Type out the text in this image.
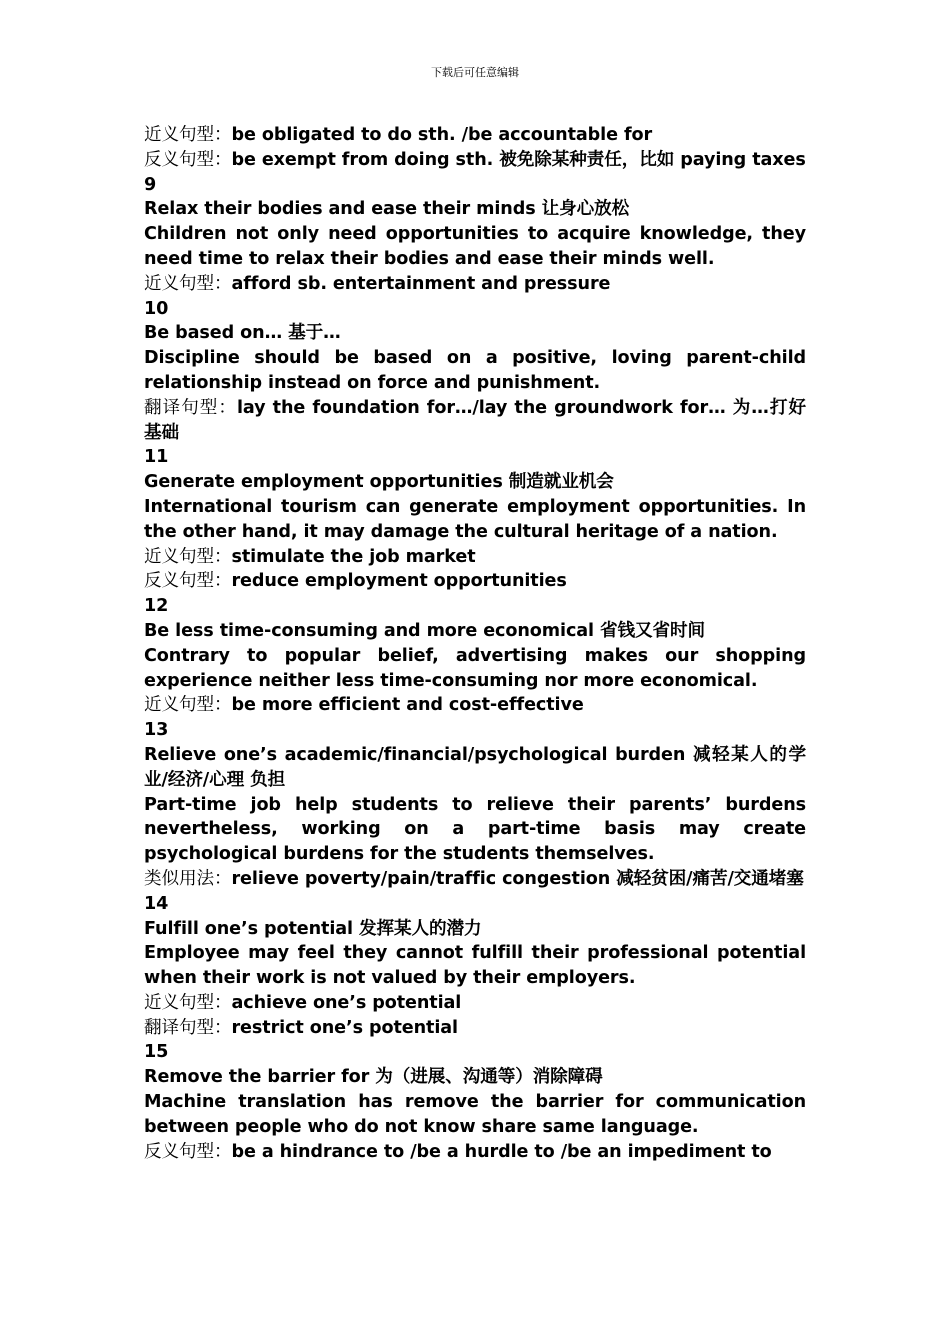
下载后可任意编辑
近义句型：be obligated to do sth. /be accountable for
反义句型：be exempt from doing sth. 被免除某种责任，比如 paying taxes
9
Relax their bodies and ease their minds 让身心放松
Children not only need opportunities to acquire knowledge, they need time to relax their bodies and ease their minds well.
近义句型：afford sb. entertainment and pressure
10
Be based on… 基于…
Discipline should be based on a positive, loving parent-child relationship instead on force and punishment.
翻译句型：lay the foundation for…/lay the groundwork for… 为…打好基础
11
Generate employment opportunities 制造就业机会
International tourism can generate employment opportunities. In the other hand, it may damage the cultural heritage of a nation.
近义句型：stimulate the job market
反义句型：reduce employment opportunities
12
Be less time-consuming and more economical 省钱又省时间
Contrary to popular belief, advertising makes our shopping experience neither less time-consuming nor more economical.
近义句型：be more efficient and cost-effective
13
Relieve one’s academic/financial/psychological burden 减轻某人的学业/经济/心理 负担
Part-time job help students to relieve their parents’ burdens nevertheless, working on a part-time basis may create psychological burdens for the students themselves.
类似用法：relieve poverty/pain/traffic congestion 减轻贫困/痛苦/交通堵塞
14
Fulfill one’s potential 发挥某人的潜力
Employee may feel they cannot fulfill their professional potential when their work is not valued by their employers.
近义句型：achieve one’s potential
翻译句型：restrict one’s potential
15
Remove the barrier for 为（进展、沟通等）消除障碍
Machine translation has remove the barrier for communication between people who do not know share same language.
反义句型：be a hindrance to /be a hurdle to /be an impediment to
